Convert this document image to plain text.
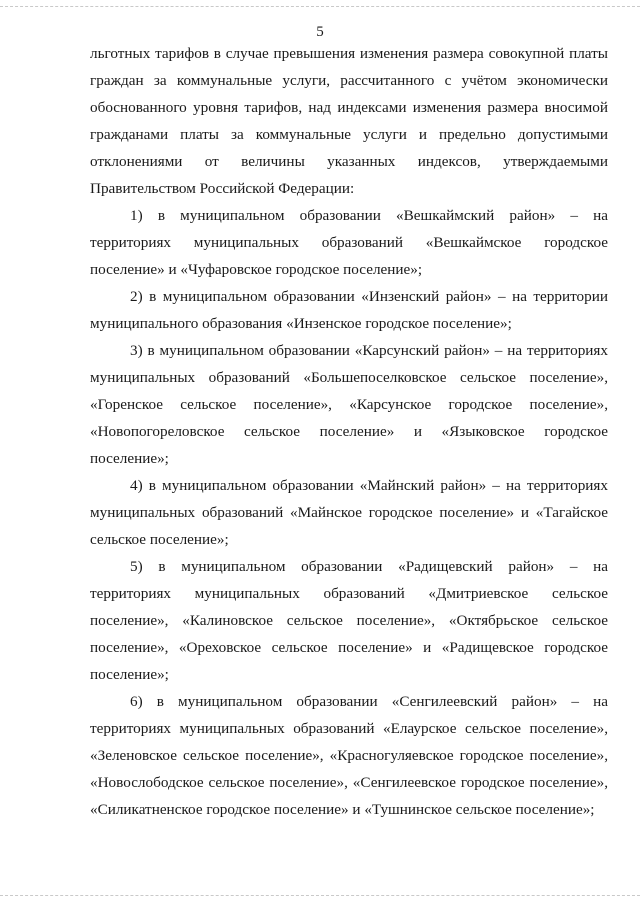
5

льготных тарифов в случае превышения изменения размера совокупной платы граждан за коммунальные услуги, рассчитанного с учётом экономически обоснованного уровня тарифов, над индексами изменения размера вносимой гражданами платы за коммунальные услуги и предельно допустимыми отклонениями от величины указанных индексов, утверждаемыми Правительством Российской Федерации:

1) в муниципальном образовании «Вешкаймский район» – на территориях муниципальных образований «Вешкаймское городское поселение» и «Чуфаровское городское поселение»;

2) в муниципальном образовании «Инзенский район» – на территории муниципального образования «Инзенское городское поселение»;

3) в муниципальном образовании «Карсунский район» – на территориях муниципальных образований «Большепоселковское сельское поселение», «Горенское сельское поселение», «Карсунское городское поселение», «Новопогореловское сельское поселение» и «Языковское городское поселение»;

4) в муниципальном образовании «Майнский район» – на территориях муниципальных образований «Майнское городское поселение» и «Тагайское сельское поселение»;

5) в муниципальном образовании «Радищевский район» – на территориях муниципальных образований «Дмитриевское сельское поселение», «Калиновское сельское поселение», «Октябрьское сельское поселение», «Ореховское сельское поселение» и «Радищевское городское поселение»;

6) в муниципальном образовании «Сенгилеевский район» – на территориях муниципальных образований «Елаурское сельское поселение», «Зеленовское сельское поселение», «Красногуляевское городское поселение», «Новослободское сельское поселение», «Сенгилеевское городское поселение», «Силикатненское городское поселение» и «Тушнинское сельское поселение»;
